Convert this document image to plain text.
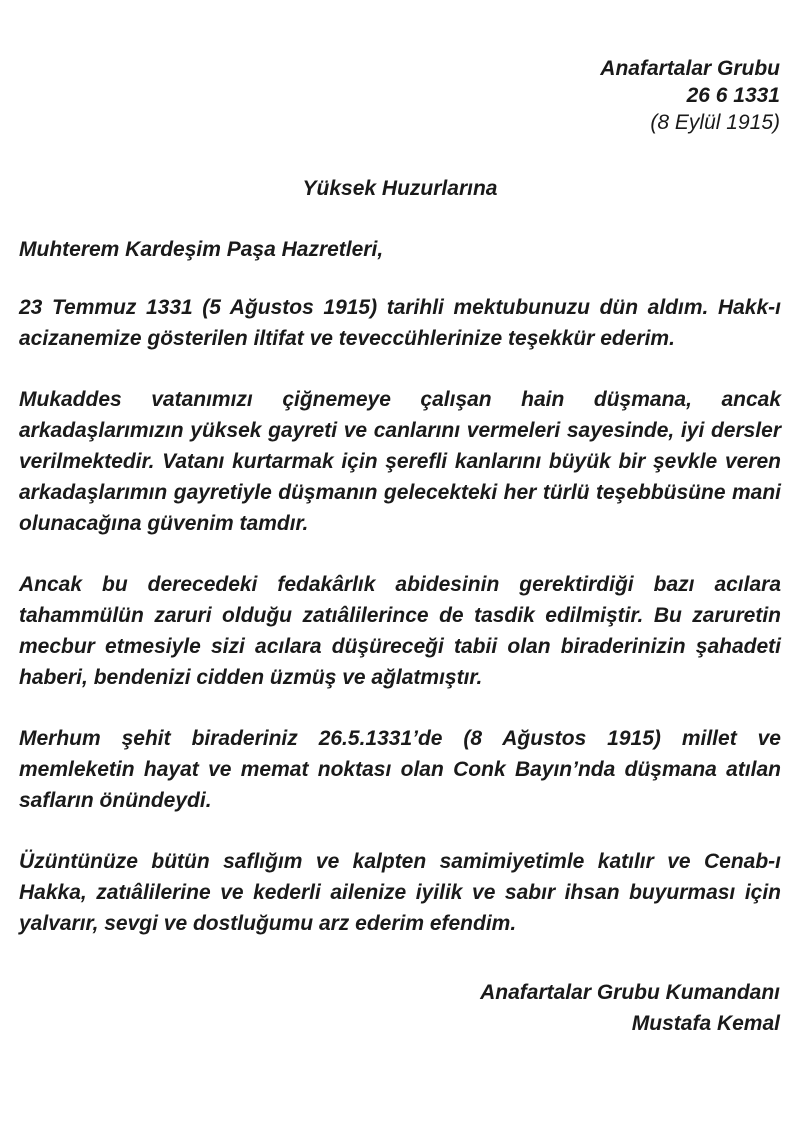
Anafartalar Grubu
26 6 1331
(8 Eylül 1915)
Yüksek Huzurlarına
Muhterem Kardeşim Paşa Hazretleri,

23 Temmuz 1331 (5 Ağustos 1915) tarihli mektubunuzu dün aldım. Hakk-ı acizanemize gösterilen iltifat ve teveccühlerinize teşekkür ederim.

Mukaddes vatanımızı çiğnemeye çalışan hain düşmana, ancak arkadaşlarımızın yüksek gayreti ve canlarını vermeleri sayesinde, iyi dersler verilmektedir. Vatanı kurtarmak için şerefli kanlarını büyük bir şevkle veren arkadaşlarımın gayretiyle düşmanın gelecekteki her türlü teşebbüsüne mani olunacağına güvenim tamdır.

Ancak bu derecedeki fedakârlık abidesinin gerektirdiği bazı acılara tahammülün zaruri olduğu zatıâlilerince de tasdik edilmiştir. Bu zaruretin mecbur etmesiyle sizi acılara düşüreceği tabii olan biraderinizin şahadeti haberi, bendenizi cidden üzmüş ve ağlatmıştır.

Merhum şehit biraderiniz 26.5.1331’de (8 Ağustos 1915) millet ve memleketin hayat ve memat noktası olan Conk Bayın’nda düşmana atılan safların önündeydi.

Üzüntünüze bütün saflığım ve kalpten samimiyetimle katılır ve Cenab-ı Hakka, zatıâlilerine ve kederli ailenize iyilik ve sabır ihsan buyurması için yalvarır, sevgi ve dostluğumu arz ederim efendim.

Anafartalar Grubu Kumandanı
Mustafa Kemal
